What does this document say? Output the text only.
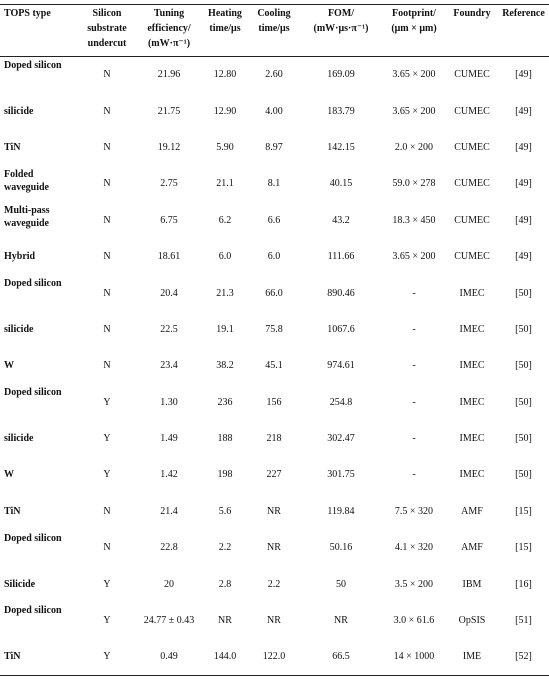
TOPS type	Silicon
substrate
undercut	Tuning
efficiency/
(mW·π⁻¹)	Heating
time/μs	Cooling
time/μs	FOM/
(mW·μs·π⁻¹)	Footprint/
(μm × μm)	Foundry	Reference

Doped silicon	N	21.96	12.80	2.60	169.09	3.65 × 200	CUMEC	[49]
silicide	N	21.75	12.90	4.00	183.79	3.65 × 200	CUMEC	[49]
TiN	N	19.12	5.90	8.97	142.15	2.0 × 200	CUMEC	[49]
Folded waveguide	N	2.75	21.1	8.1	40.15	59.0 × 278	CUMEC	[49]
Multi-pass waveguide	N	6.75	6.2	6.6	43.2	18.3 × 450	CUMEC	[49]
Hybrid	N	18.61	6.0	6.0	111.66	3.65 × 200	CUMEC	[49]
Doped silicon	N	20.4	21.3	66.0	890.46	-	IMEC	[50]
silicide	N	22.5	19.1	75.8	1067.6	-	IMEC	[50]
W	N	23.4	38.2	45.1	974.61	-	IMEC	[50]
Doped silicon	Y	1.30	236	156	254.8	-	IMEC	[50]
silicide	Y	1.49	188	218	302.47	-	IMEC	[50]
W	Y	1.42	198	227	301.75	-	IMEC	[50]
TiN	N	21.4	5.6	NR	119.84	7.5 × 320	AMF	[15]
Doped silicon	N	22.8	2.2	NR	50.16	4.1 × 320	AMF	[15]
Silicide	Y	20	2.8	2.2	50	3.5 × 200	IBM	[16]
Doped silicon	Y	24.77 ± 0.43	NR	NR	NR	3.0 × 61.6	OpSIS	[51]
TiN	Y	0.49	144.0	122.0	66.5	14 × 1000	IME	[52]
